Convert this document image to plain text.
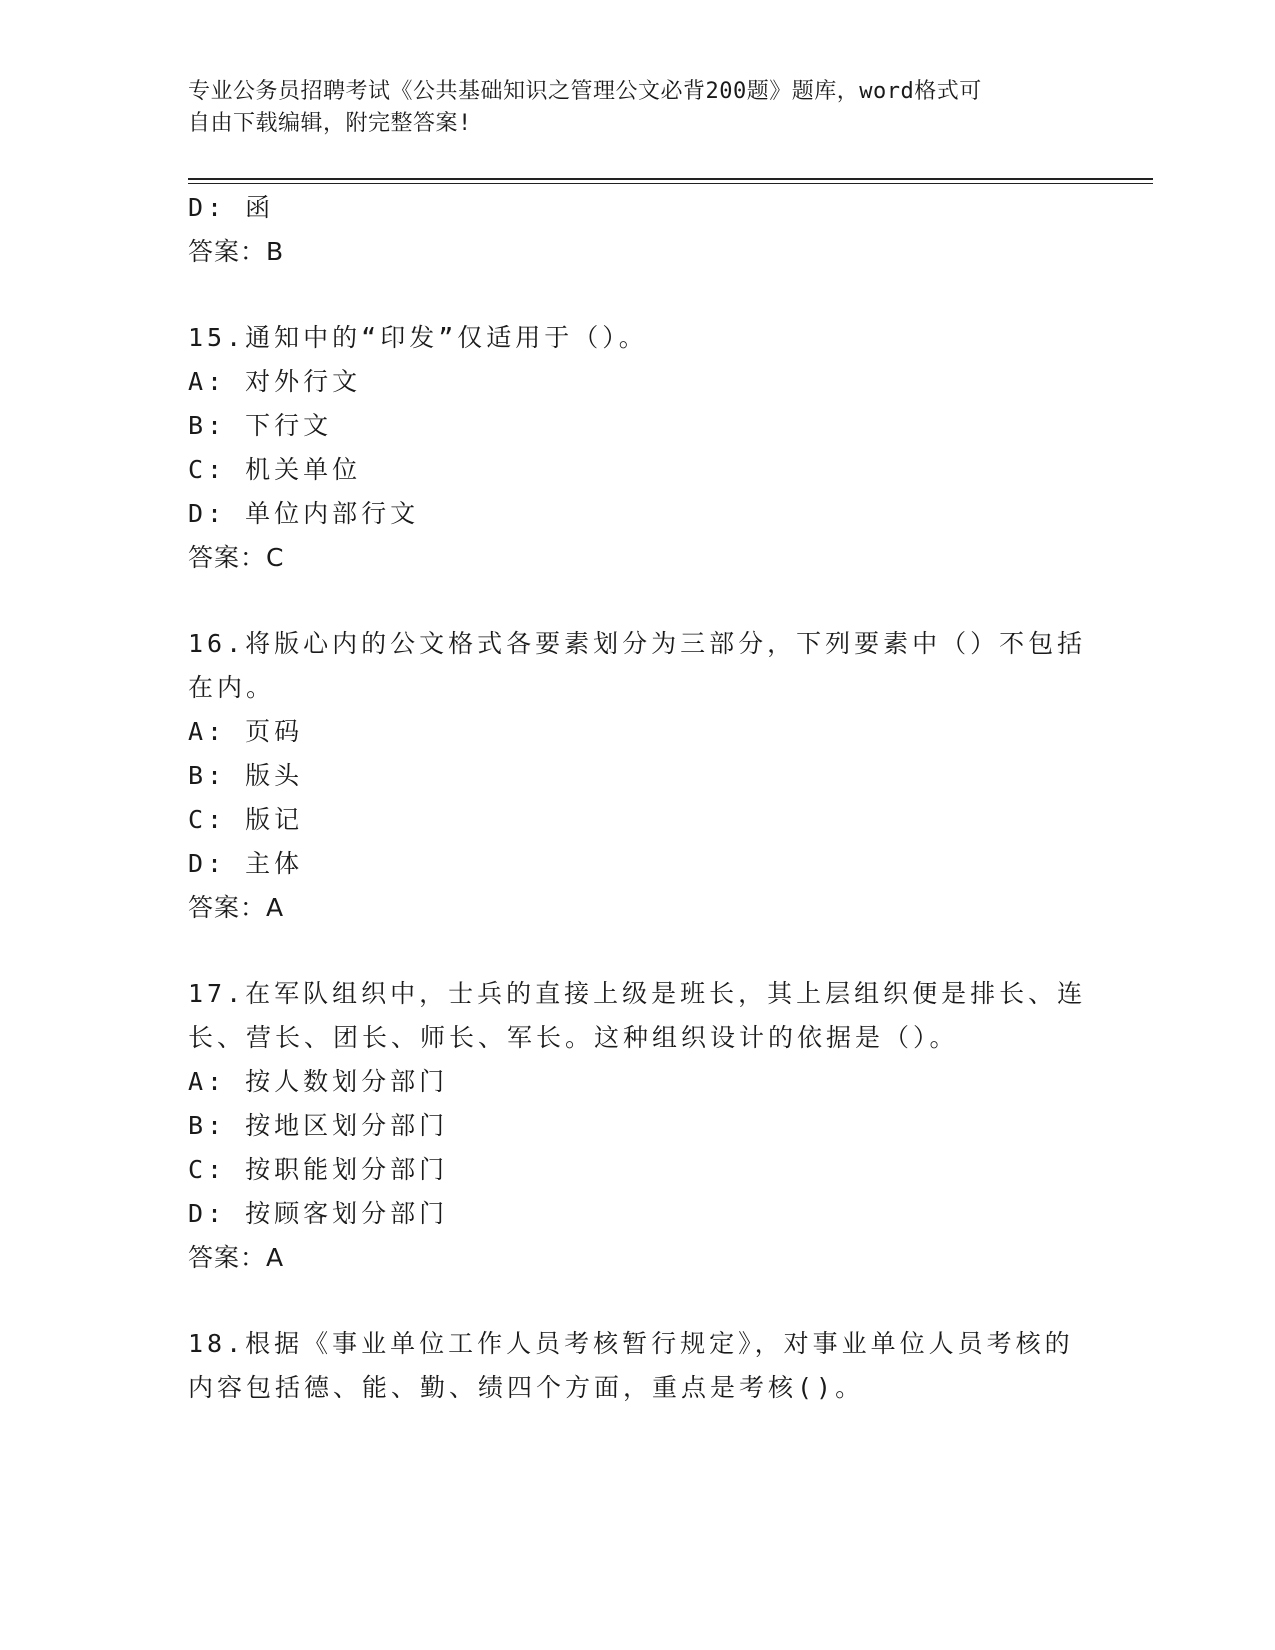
专业公务员招聘考试《公共基础知识之管理公文必背200题》题库，word格式可
自由下载编辑，附完整答案!
D: 函
答案：B
15.通知中的“印发”仅适用于（）。
A: 对外行文
B: 下行文
C: 机关单位
D: 单位内部行文
答案：C
16.将版心内的公文格式各要素划分为三部分，下列要素中（）不包括
在内。
A: 页码
B: 版头
C: 版记
D: 主体
答案：A
17.在军队组织中，士兵的直接上级是班长，其上层组织便是排长、连
长、营长、团长、师长、军长。这种组织设计的依据是（）。
A: 按人数划分部门
B: 按地区划分部门
C: 按职能划分部门
D: 按顾客划分部门
答案：A
18.根据《事业单位工作人员考核暂行规定》，对事业单位人员考核的
内容包括德、能、勤、绩四个方面，重点是考核()。
